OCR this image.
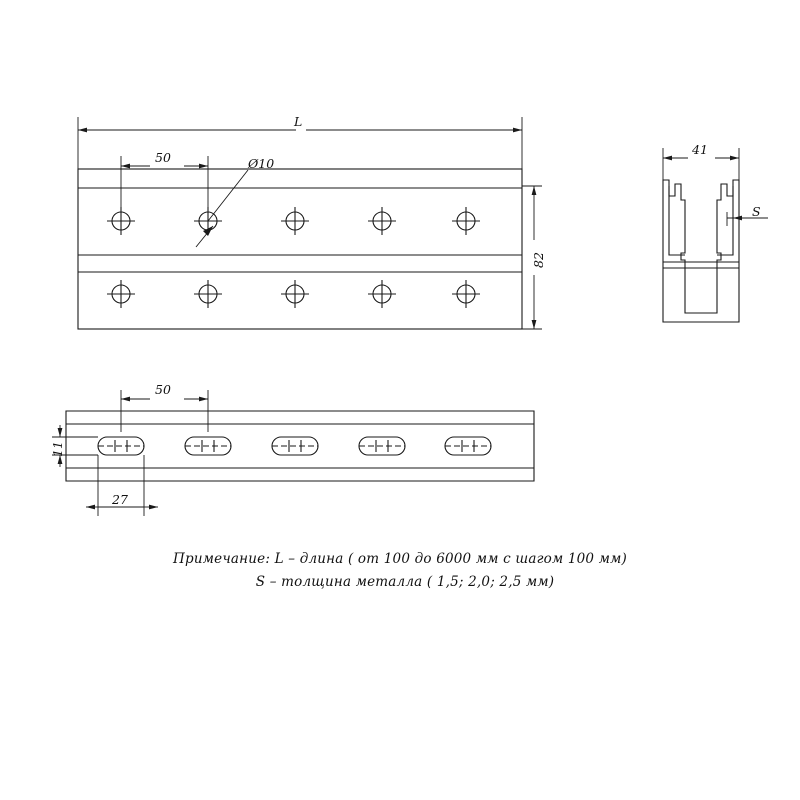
L
50	Ø10
82
41
S
50
11
27
Примечание: L – длина ( от 100 до 6000 мм с шагом 100 мм)
S – толщина металла ( 1,5; 2,0; 2,5 мм)
